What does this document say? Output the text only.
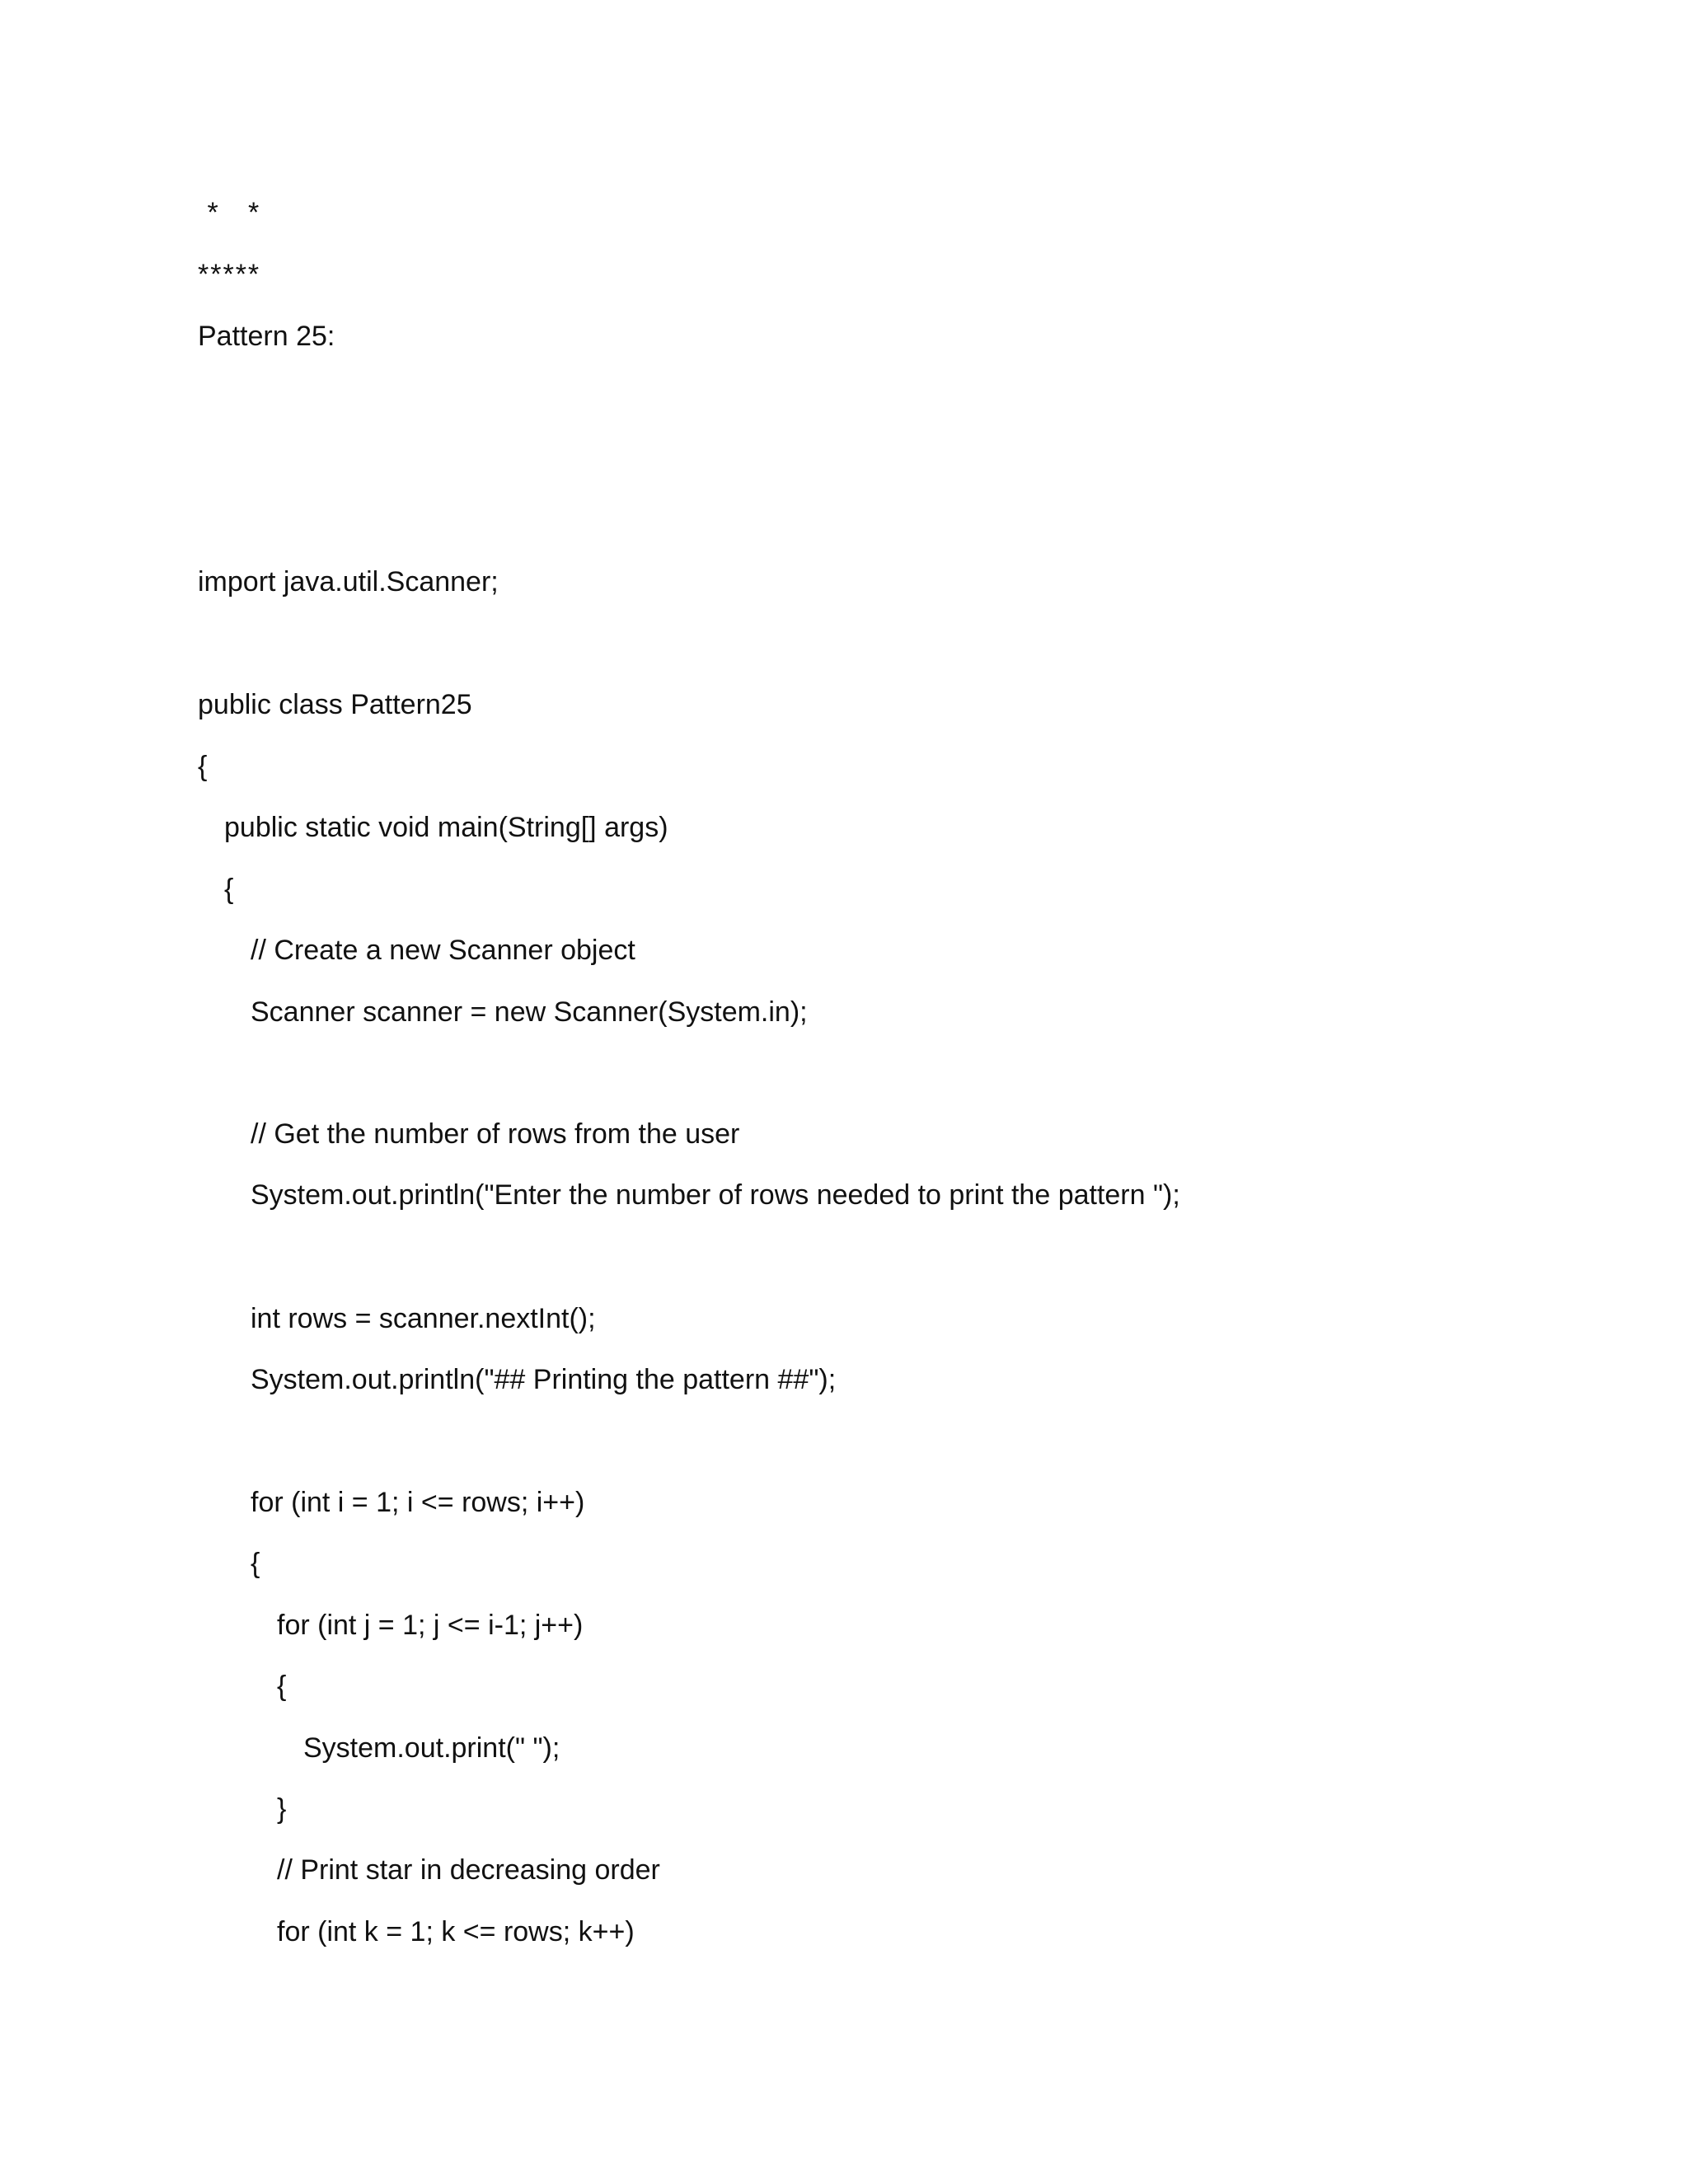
*   *

*****

Pattern 25:

import java.util.Scanner;

public class Pattern25

{

public static void main(String[] args)

{

// Create a new Scanner object

Scanner scanner = new Scanner(System.in);

// Get the number of rows from the user

System.out.println("Enter the number of rows needed to print the pattern ");

int rows = scanner.nextInt();

System.out.println("## Printing the pattern ##");

for (int i = 1; i <= rows; i++)

{

for (int j = 1; j <= i-1; j++)

{

System.out.print(" ");

}

// Print star in decreasing order

for (int k = 1; k <= rows; k++)
